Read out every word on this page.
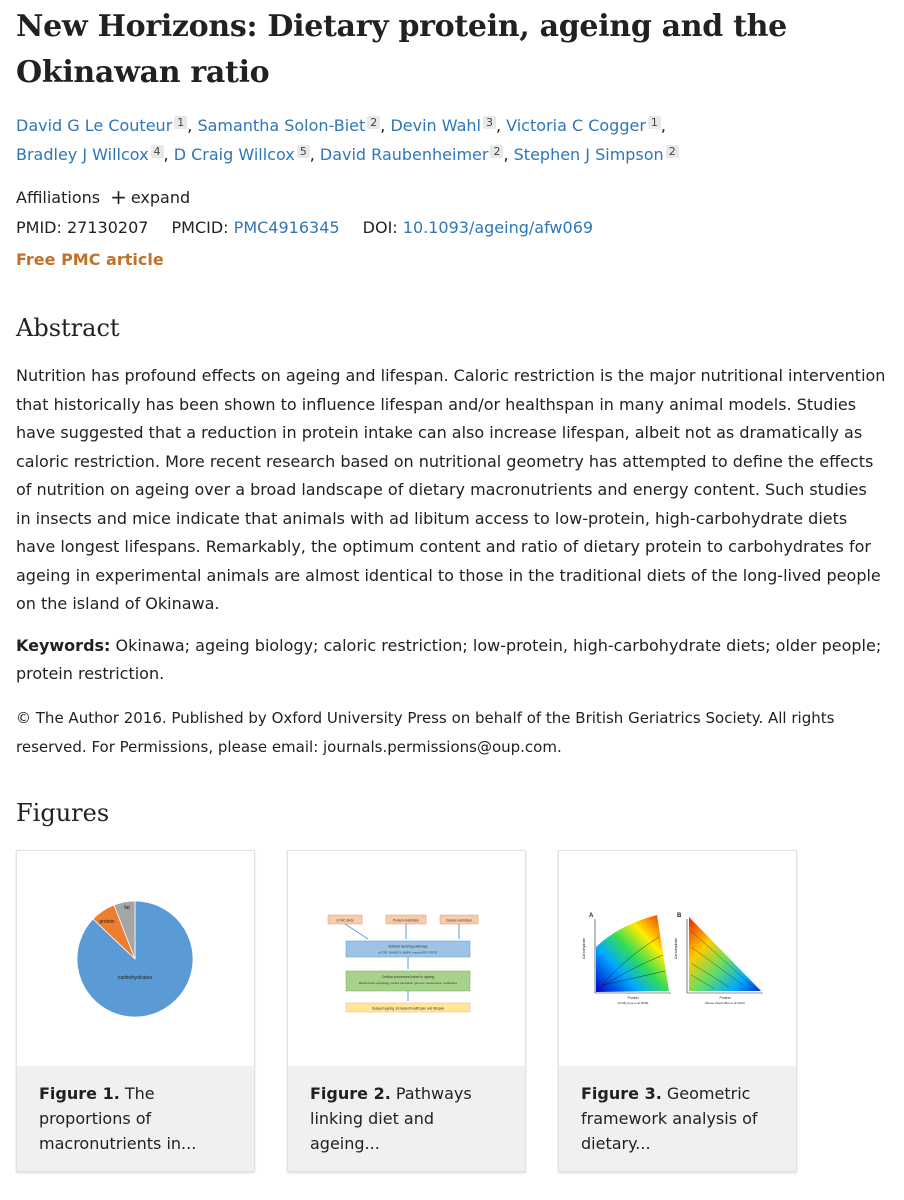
New Horizons: Dietary protein, ageing and the Okinawan ratio
David G Le Couteur $^1$ , Samantha Solon-Biet $^2$ , Devin Wahl $^3$ , Victoria C Cogger $^1$ ,
Bradley J Willcox $^4$ , D Craig Willcox $^5$ , David Raubenheimer $^2$ , Stephen J Simpson $^2$
Affiliations + expand
PMID: 27130207 PMCID: PMC4916345 DOI: 10.1093/ageing/afw069
Free PMC article
Abstract

Nutrition has profound effects on ageing and lifespan. Caloric restriction is the major nutritional intervention that historically has been shown to influence lifespan and/or healthspan in many animal models. Studies have suggested that a reduction in protein intake can also increase lifespan, albeit not as dramatically as caloric restriction. More recent research based on nutritional geometry has attempted to define the effects of nutrition on ageing over a broad landscape of dietary macronutrients and energy content. Such studies in insects and mice indicate that animals with ad libitum access to low-protein, high-carbohydrate diets have longest lifespans. Remarkably, the optimum content and ratio of dietary protein to carbohydrates for ageing in experimental animals are almost identical to those in the traditional diets of the long-lived people on the island of Okinawa.

Keywords: Okinawa; ageing biology; caloric restriction; low-protein, high-carbohydrate diets; older people; protein restriction.

© The Author 2016. Published by Oxford University Press on behalf of the British Geriatrics Society. All rights reserved. For Permissions, please email: journals.permissions@oup.com.

Figures
carbohydrates
protein
fat
Figure 1. The proportions of macronutrients in...
LPHC diets	Protein restriction	Caloric restriction
Nutrient sensing pathways
mTOR, GH/IGF1, AMPK, insulin/IGF, FGF21
Cellular processes linked to ageing
Mitochondria, autophagy, protein translation, genome maintenance, metabolism
Delayed ageing, increased healthspan and lifespan
Figure 2. Pathways linking diet and ageing...
A
Carbohydrate
Protein
Fruitfly (Lee et al 2008)
B
Carbohydrate
Protein
Mouse (Solon-Biet et al 2014)
Figure 3. Geometric framework analysis of dietary...
